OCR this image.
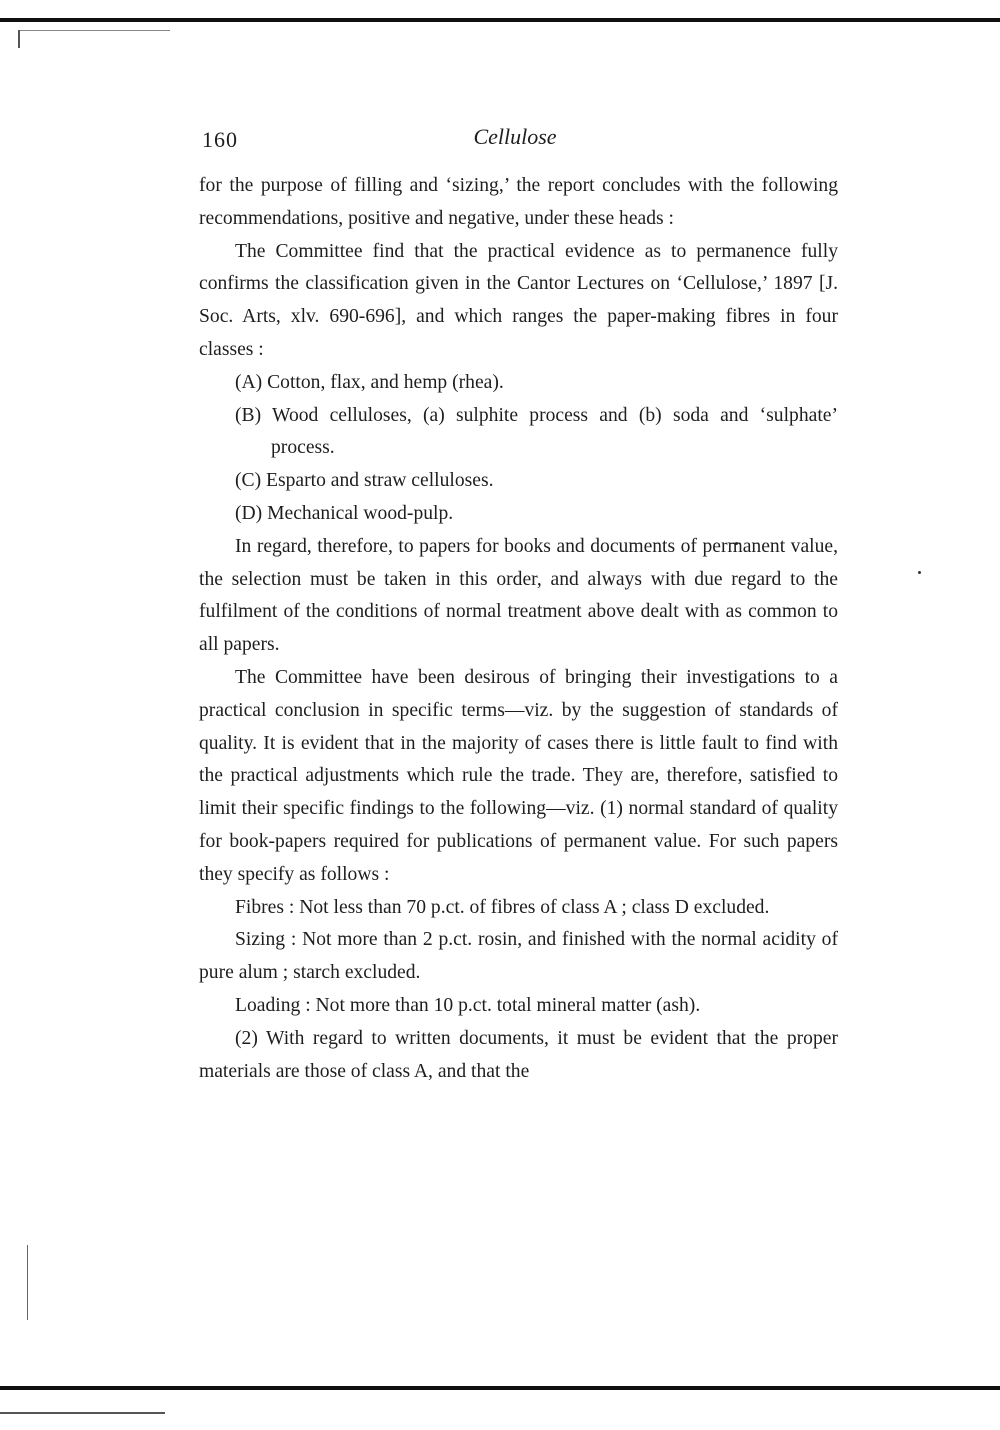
160	Cellulose

for the purpose of filling and ‘sizing,’ the report concludes with the following recommendations, positive and negative, under these heads :

The Committee find that the practical evidence as to permanence fully confirms the classification given in the Cantor Lectures on ‘Cellulose,’ 1897 [J. Soc. Arts, xlv. 690-696], and which ranges the paper-making fibres in four classes :

(A) Cotton, flax, and hemp (rhea).

(B) Wood celluloses, (a) sulphite process and (b) soda and ‘sulphate’ process.

(C) Esparto and straw celluloses.

(D) Mechanical wood-pulp.

In regard, therefore, to papers for books and documents of permanent value, the selection must be taken in this order, and always with due regard to the fulfilment of the conditions of normal treatment above dealt with as common to all papers.

The Committee have been desirous of bringing their investigations to a practical conclusion in specific terms—viz. by the suggestion of standards of quality. It is evident that in the majority of cases there is little fault to find with the practical adjustments which rule the trade. They are, therefore, satisfied to limit their specific findings to the following—viz. (1) normal standard of quality for book-papers required for publications of permanent value. For such papers they specify as follows :

Fibres : Not less than 70 p.ct. of fibres of class A ; class D excluded.

Sizing : Not more than 2 p.ct. rosin, and finished with the normal acidity of pure alum ; starch excluded.

Loading : Not more than 10 p.ct. total mineral matter (ash).

(2) With regard to written documents, it must be evident that the proper materials are those of class A, and that the
